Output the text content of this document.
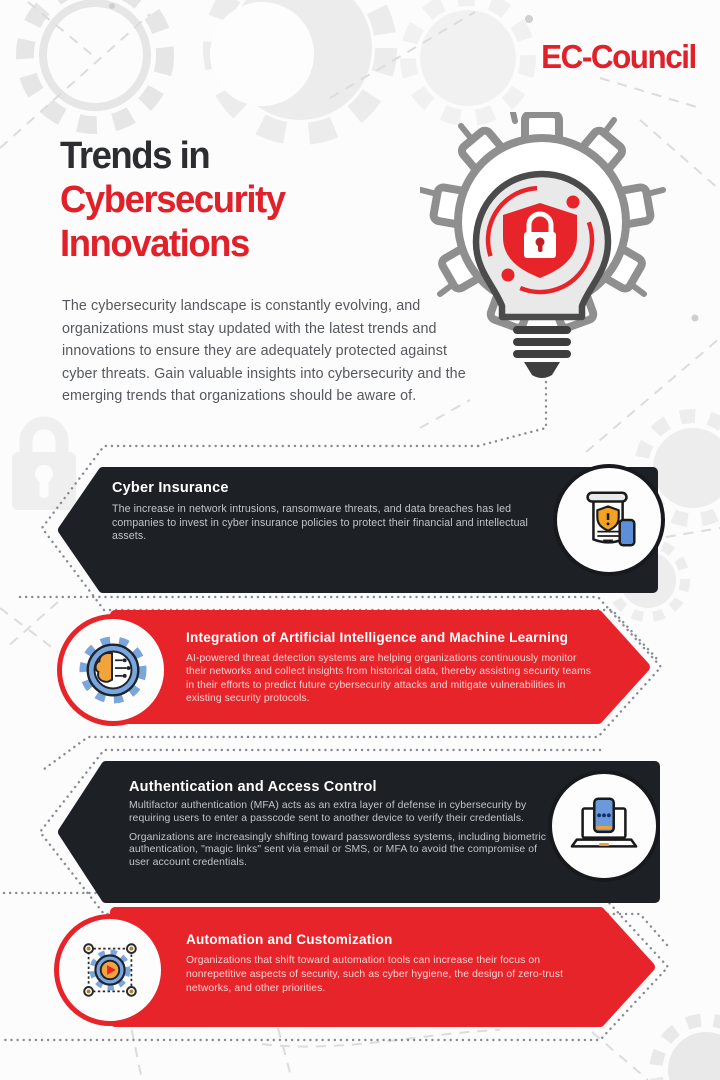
EC-Council
Trends in
Cybersecurity
Innovations
The cybersecurity landscape is constantly evolving, and organizations must stay updated with the latest trends and innovations to ensure they are adequately protected against cyber threats. Gain valuable insights into cybersecurity and the emerging trends that organizations should be aware of.
Cyber Insurance

The increase in network intrusions, ransomware threats, and data breaches has led companies to invest in cyber insurance policies to protect their financial and intellectual assets.

Integration of Artificial Intelligence and Machine Learning

AI-powered threat detection systems are helping organizations continuously monitor their networks and collect insights from historical data, thereby assisting security teams in their efforts to predict future cybersecurity attacks and mitigate vulnerabilities in existing security protocols.

Authentication and Access Control

Multifactor authentication (MFA) acts as an extra layer of defense in cybersecurity by requiring users to enter a passcode sent to another device to verify their credentials.

Organizations are increasingly shifting toward passwordless systems, including biometric authentication, "magic links" sent via email or SMS, or MFA to avoid the compromise of user account credentials.

Automation and Customization

Organizations that shift toward automation tools can increase their focus on nonrepetitive aspects of security, such as cyber hygiene, the design of zero-trust networks, and other priorities.
